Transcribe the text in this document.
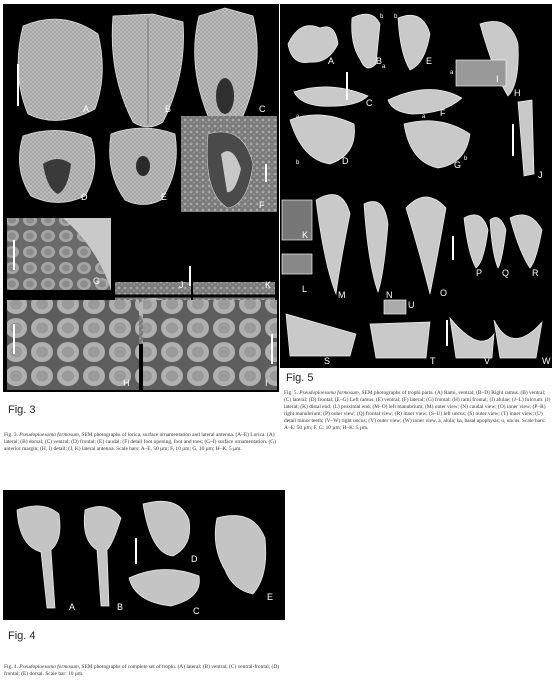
A	B	C
D	E
F
G	J	K
H	I
A	B	E
H
I
C
F
D	G
J
K
L
M	N	O
P Q	R
U
S	T	V	W
b b
a
a
a	a
b
b
Fig. 5

Fig. 5. Pseudoploesoma formosum, SEM photographs of trophi parts. (A) Rami, ventral; (B–D) Right ramus. (B) ventral; (C) lateral; (D) frontal; (E–G) Left ramus. (E) ventral; (F) lateral; (G) frontal; (H) rami frontal; (I) alulae; (J–L) fulcrum. (J) lateral; (K) distal end; (L) proximal end; (M–O) left manubrium; (M) outer view; (N) caudal view; (O) inner view; (P–R) right manubrium; (P) outer view; (Q) frontal view; (R) inner view; (S–U) left uncus; (S) outer view; (T) inner view; (U) detail minor teeth; (V–W) right uncus; (V) outer view; (W) inner view. a, alula; ba, basal apophysis; u, uncus. Scale bars: A–E: 50 µm; F, G: 10 µm; H–K: 5 µm.

Fig. 3

Fig. 3. Pseudoploesoma formosum, SEM photographs of lorica, surface ornamentation and lateral antenna. (A–E) Lorica. (A) lateral; (B) dorsal; (C) ventral; (D) frontal; (E) caudal; (F) detail foot opening, foot and toes; (G–I) surface ornamentation. (G) anterior margin; (H, I) detail; (J, K) lateral antenna. Scale bars: A–E, 50 µm; F, 10 µm; G, 10 µm; H–K, 5 µm.

A	B	C
D
E
Fig. 4

Fig. 4. Pseudoploesoma formosum, SEM photographs of complete set of trophi. (A) lateral; (B) ventral; (C) ventral-frontal; (D) frontal; (E) dorsal. Scale bar: 10 µm.
